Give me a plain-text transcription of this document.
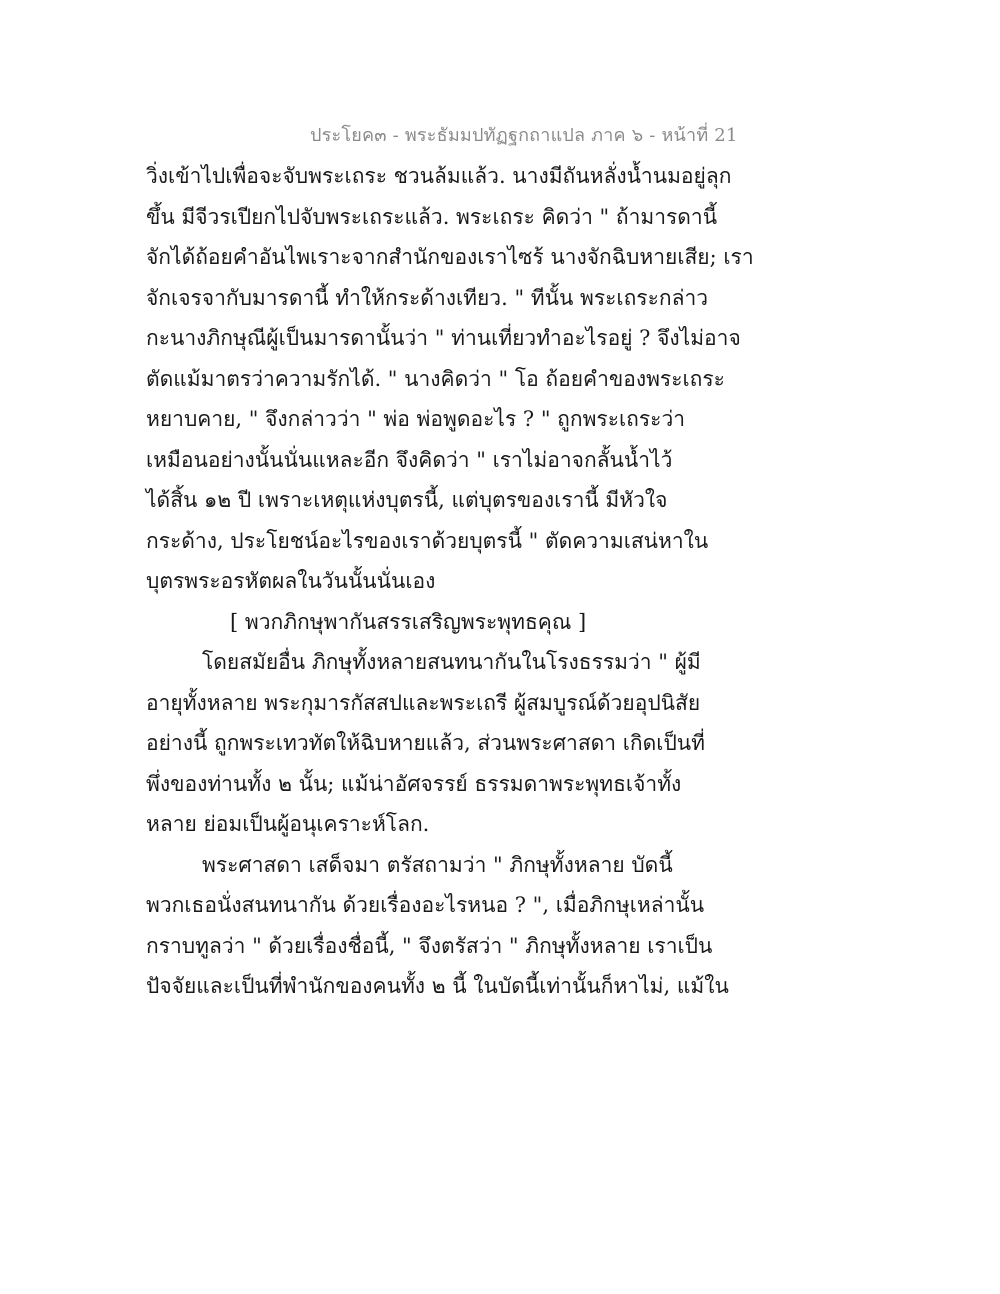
ประโยค๓ - พระธัมมปทัฏฐกถาแปล ภาค ๖ - หน้าที่ 21
วิ่งเข้าไปเพื่อจะจับพระเถระ ชวนล้มแล้ว. นางมีถันหลั่งน้ำนมอยู่ลุก
ขึ้น มีจีวรเปียกไปจับพระเถระแล้ว. พระเถระ คิดว่า " ถ้ามารดานี้
จักได้ถ้อยคำอันไพเราะจากสำนักของเราไซร้ นางจักฉิบหายเสีย; เรา
จักเจรจากับมารดานี้ ทำให้กระด้างเทียว. " ทีนั้น พระเถระกล่าว
กะนางภิกษุณีผู้เป็นมารดานั้นว่า " ท่านเที่ยวทำอะไรอยู่ ? จึงไม่อาจ
ตัดแม้มาตรว่าความรักได้. " นางคิดว่า " โอ ถ้อยคำของพระเถระ
หยาบคาย, " จึงกล่าวว่า " พ่อ พ่อพูดอะไร ? " ถูกพระเถระว่า
เหมือนอย่างนั้นนั่นแหละอีก จึงคิดว่า " เราไม่อาจกลั้นน้ำไว้
ได้สิ้น ๑๒ ปี เพราะเหตุแห่งบุตรนี้, แต่บุตรของเรานี้ มีหัวใจ
กระด้าง, ประโยชน์อะไรของเราด้วยบุตรนี้ " ตัดความเสน่หาใน
บุตรพระอรหัตผลในวันนั้นนั่นเอง
[ พวกภิกษุพากันสรรเสริญพระพุทธคุณ ]
โดยสมัยอื่น ภิกษุทั้งหลายสนทนากันในโรงธรรมว่า " ผู้มี
อายุทั้งหลาย พระกุมารกัสสปและพระเถรี ผู้สมบูรณ์ด้วยอุปนิสัย
อย่างนี้ ถูกพระเทวทัตให้ฉิบหายแล้ว, ส่วนพระศาสดา เกิดเป็นที่
พึ่งของท่านทั้ง ๒ นั้น; แม้น่าอัศจรรย์ ธรรมดาพระพุทธเจ้าทั้ง
หลาย ย่อมเป็นผู้อนุเคราะห์โลก.
พระศาสดา เสด็จมา ตรัสถามว่า " ภิกษุทั้งหลาย บัดนี้
พวกเธอนั่งสนทนากัน ด้วยเรื่องอะไรหนอ ? ", เมื่อภิกษุเหล่านั้น
กราบทูลว่า " ด้วยเรื่องชื่อนี้, " จึงตรัสว่า " ภิกษุทั้งหลาย เราเป็น
ปัจจัยและเป็นที่พำนักของคนทั้ง ๒ นี้ ในบัดนี้เท่านั้นก็หาไม่, แม้ใน
